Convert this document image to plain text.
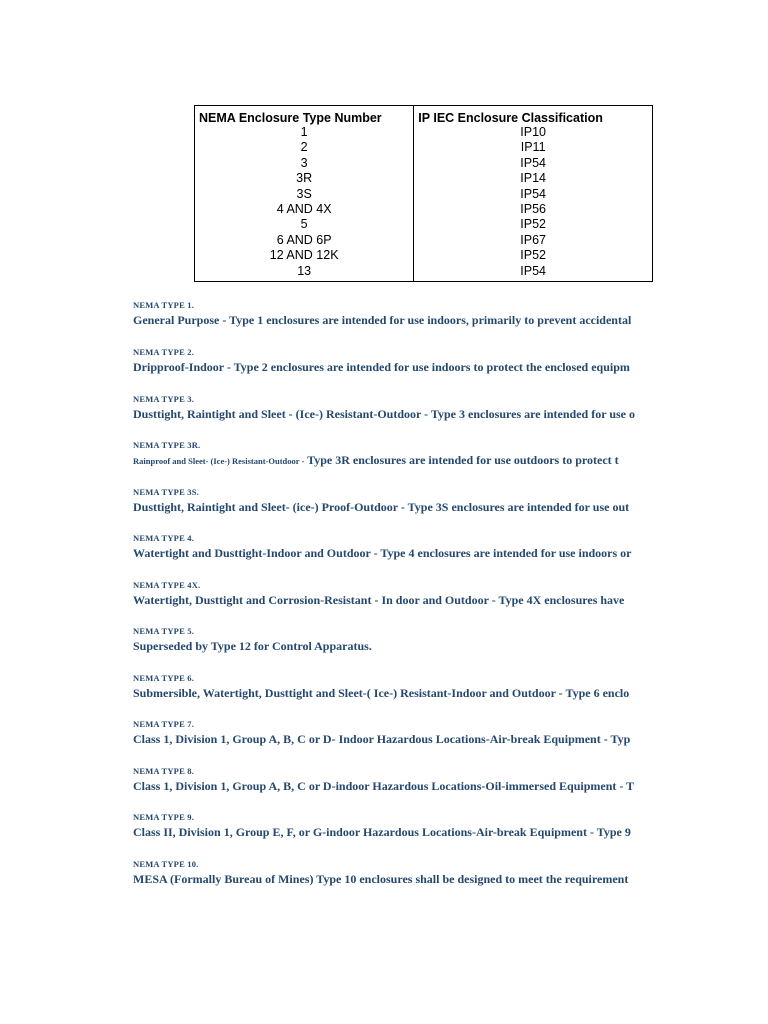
NEMA Enclosure Type Number	IP IEC Enclosure Classification
1	IP10
2	IP11
3	IP54
3R	IP14
3S	IP54
4 AND 4X	IP56
5	IP52
6 AND 6P	IP67
12 AND 12K	IP52
13	IP54
NEMA TYPE 1.
General Purpose - Type 1 enclosures are intended for use indoors, primarily to prevent accidental
NEMA TYPE 2.
Dripproof-Indoor - Type 2 enclosures are intended for use indoors to protect the enclosed equipm
NEMA TYPE 3.
Dusttight, Raintight and Sleet - (Ice-) Resistant-Outdoor - Type 3 enclosures are intended for use o
NEMA TYPE 3R.
Rainproof and Sleet- (Ice-) Resistant-Outdoor - Type 3R enclosures are intended for use outdoors to protect t
NEMA TYPE 3S.
Dusttight, Raintight and Sleet- (ice-) Proof-Outdoor - Type 3S enclosures are intended for use out
NEMA TYPE 4.
Watertight and Dusttight-Indoor and Outdoor - Type 4 enclosures are intended for use indoors or
NEMA TYPE 4X.
Watertight, Dusttight and Corrosion-Resistant - In door and Outdoor - Type 4X enclosures have
NEMA TYPE 5.
Superseded by Type 12 for Control Apparatus.
NEMA TYPE 6.
Submersible, Watertight, Dusttight and Sleet-( Ice-) Resistant-Indoor and Outdoor - Type 6 enclo
NEMA TYPE 7.
Class 1, Division 1, Group A, B, C or D- Indoor Hazardous Locations-Air-break Equipment - Typ
NEMA TYPE 8.
Class 1, Division 1, Group A, B, C or D-indoor Hazardous Locations-Oil-immersed Equipment - T
NEMA TYPE 9.
Class II, Division 1, Group E, F, or G-indoor Hazardous Locations-Air-break Equipment - Type 9
NEMA TYPE 10.
MESA (Formally Bureau of Mines) Type 10 enclosures shall be designed to meet the requirement
